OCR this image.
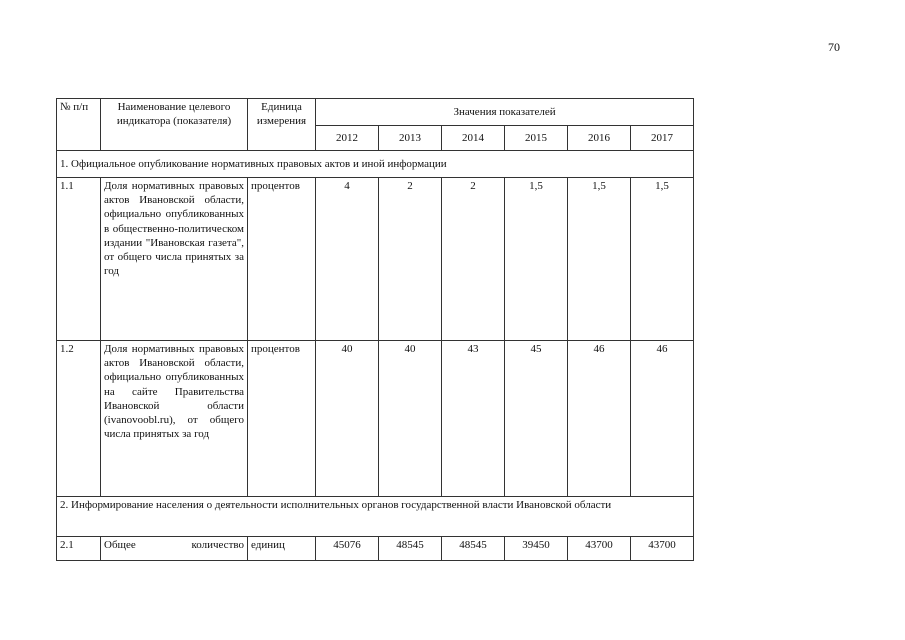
70
№ п/п	Наименование целевого индикатора (показателя)	Единица измерения	Значения показателей					
			2012	2013	2014	2015	2016	2017
1. Официальное опубликование нормативных правовых актов и иной информации								
1.1	Доля нормативных правовых актов Ивановской области, официально опубликованных в общественно-политическом издании "Ивановская газета", от общего числа принятых за год	процентов	4	2	2	1,5	1,5	1,5
1.2	Доля нормативных правовых актов Ивановской области, официально опубликованных на сайте Правительства Ивановской области (ivanovoobl.ru), от общего числа принятых за год	процентов	40	40	43	45	46	46
2. Информирование населения о деятельности исполнительных органов государственной власти Ивановской области								
2.1	Общее количество	единиц	45076	48545	48545	39450	43700	43700
